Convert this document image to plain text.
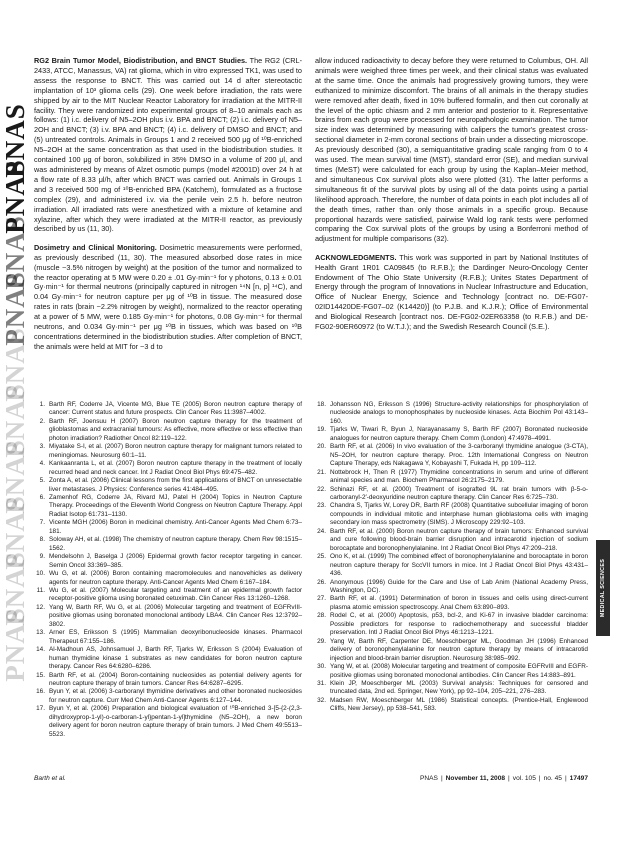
PNAS
PNAS
PNAS
PNAS
PNAS
PNAS
PNAS
PNAS
PNAS
PNAS

RG2 Brain Tumor Model, Biodistribution, and BNCT Studies. The RG2 (CRL-2433, ATCC, Manassus, VA) rat glioma, which in vitro expressed TK1, was used to assess the response to BNCT. This was carried out 14 d after stereotactic implantation of 10³ glioma cells (29). One week before irradiation, the rats were shipped by air to the MIT Nuclear Reactor Laboratory for irradiation at the MITR-II facility. They were randomized into experimental groups of 8–10 animals each as follows: (1) i.c. delivery of N5–2OH plus i.v. BPA and BNCT; (2) i.c. delivery of N5–2OH and BNCT; (3) i.v. BPA and BNCT; (4) i.c. delivery of DMSO and BNCT; and (5) untreated controls. Animals in Groups 1 and 2 received 500 μg of ¹⁰B-enriched N5–2OH at the same concentration as that used in the biodistribution studies. It contained 100 μg of boron, solubilized in 35% DMSO in a volume of 200 μl, and was administered by means of Alzet osmotic pumps (model #2001D) over 24 h at a flow rate of 8.33 μl/h, after which BNCT was carried out. Animals in Groups 1 and 3 received 500 mg of ¹⁰B-enriched BPA (Katchem), formulated as a fructose complex (29), and administered i.v. via the penile vein 2.5 h. before neutron irradiation. All irradiated rats were anesthetized with a mixture of ketamine and xylazine, after which they were irradiated at the MITR-II reactor, as previously described by us (11, 30).

Dosimetry and Clinical Monitoring. Dosimetric measurements were performed, as previously described (11, 30). The measured absorbed dose rates in mice (muscle ~3.5% nitrogen by weight) at the position of the tumor and normalized to the reactor operating at 5 MW were 0.20 ± .01 Gy·min⁻¹ for γ photons, 0.13 ± 0.01 Gy·min⁻¹ for thermal neutrons (principally captured in nitrogen ¹⁴N [n, p] ¹⁴C), and 0.04 Gy·min⁻¹ for neutron capture per μg of ¹⁰B in tissue. The measured dose rates in rats (brain ~2.2% nitrogen by weight), normalized to the reactor operating at a power of 5 MW, were 0.185 Gy·min⁻¹ for photons, 0.08 Gy·min⁻¹ for thermal neutrons, and 0.034 Gy·min⁻¹ per μg ¹⁰B in tissues, which was based on ¹⁰B concentrations determined in the biodistribution studies. After completion of BNCT, the animals were held at MIT for ~3 d to

allow induced radioactivity to decay before they were returned to Columbus, OH. All animals were weighed three times per week, and their clinical status was evaluated at the same time. Once the animals had progressively growing tumors, they were euthanized to minimize discomfort. The brains of all animals in the therapy studies were removed after death, fixed in 10% buffered formalin, and then cut coronally at the level of the optic chiasm and 2 mm anterior and posterior to it. Representative brains from each group were processed for neuropathologic examination. The tumor size index was determined by measuring with calipers the tumor's greatest cross-sectional diameter in 2-mm coronal sections of brain under a dissecting microscope. As previously described (30), a semiquantitative grading scale ranging from 0 to 4 was used. The mean survival time (MST), standard error (SE), and median survival times (MeST) were calculated for each group by using the Kaplan–Meier method, and simultaneous Cox survival plots also were plotted (31). The latter performs a simultaneous fit of the survival plots by using all of the data points using a partial likelihood approach. Therefore, the number of data points in each plot includes all of the death times, rather than only those animals in a specific group. Because proportional hazards were satisfied, pairwise Wald log rank tests were performed comparing the Cox survival plots of the groups by using a Bonferroni method of adjustment for multiple comparisons (32).

ACKNOWLEDGMENTS. This work was supported in part by National Institutes of Health Grant 1R01 CA09845 (to R.F.B.); the Dardinger Neuro-Oncology Center Endowment of The Ohio State University (R.F.B.); Unites States Department of Energy through the program of Innovations in Nuclear Infrastructure and Education, Office of Nuclear Energy, Science and Technology [contract no. DE-FG07-02ID14420DE-FG07–02 (K14420)] (to P.J.B. and K.J.R.); Office of Environmental and Biological Research [contract nos. DE-FG02-02ER63358 (to R.F.B.) and DE-FG02-90ER60972 (to W.T.J.); and the Swedish Research Council (S.E.).

1. Barth RF, Coderre JA, Vicente MG, Blue TE (2005) Boron neutron capture therapy of cancer: Current status and future prospects. Clin Cancer Res 11:3987–4002.
2. Barth RF, Joensuu H (2007) Boron neutron capture therapy for the treatment of glioblastomas and extracranial tumours: As effective, more effective or less effective than photon irradiation? Radiother Oncol 82:119–122.
3. Miyatake S-I, et al. (2007) Boron neutron capture therapy for malignant tumors related to meningiomas. Neurosurg 60:1–11.
4. Kankaanranta L, et al. (2007) Boron neutron capture therapy in the treatment of locally recurred head and neck cancer. Int J Radiat Oncol Biol Phys 69:475–482.
5. Zonta A, et al. (2006) Clinical lessons from the first applications of BNCT on unresectable liver metastases. J Physics: Conference series 41:484–495.
6. Zamenhof RG, Coderre JA, Rivard MJ, Patel H (2004) Topics in Neutron Capture Therapy. Proceedings of the Eleventh World Congress on Neutron Capture Therapy. Appl Radiat Isotop 61:731–1130.
7. Vicente MGH (2006) Boron in medicinal chemistry. Anti-Cancer Agents Med Chem 6:73–181.
8. Soloway AH, et al. (1998) The chemistry of neutron capture therapy. Chem Rev 98:1515–1562.
9. Mendelsohn J, Baselga J (2006) Epidermal growth factor receptor targeting in cancer. Semin Oncol 33:369–385.
10. Wu G, et al. (2006) Boron containing macromolecules and nanovehicles as delivery agents for neutron capture therapy. Anti-Cancer Agents Med Chem 6:167–184.
11. Wu G, et al. (2007) Molecular targeting and treatment of an epidermal growth factor receptor-positive glioma using boronated cetuximab. Clin Cancer Res 13:1260–1268.
12. Yang W, Barth RF, Wu G, et al. (2006) Molecular targeting and treatment of EGFRvIII-positive gliomas using boronated monoclonal antibody LBA4. Clin Cancer Res 12:3792–3802.
13. Arner ES, Eriksson S (1995) Mammalian deoxyribonucleoside kinases. Pharmacol Therapeut 67:155–186.
14. Al-Madhoun AS, Johnsamuel J, Barth RF, Tjarks W, Eriksson S (2004) Evaluation of human thymidine kinase 1 substrates as new candidates for boron neutron capture therapy. Cancer Res 64:6280–6286.
15. Barth RF, et al. (2004) Boron-containing nucleosides as potential delivery agents for neutron capture therapy of brain tumors. Cancer Res 64:6287–6295.
16. Byun Y, et al. (2006) 3-carboranyl thymidine derivatives and other boronated nucleosides for neutron capture. Curr Med Chem Anti-Cancer Agents 6:127–144.
17. Byun Y, et al. (2006) Preparation and biological evaluation of ¹⁰B-enriched 3-[5-{2-(2,3-dihydroxyprop-1-yl)-o-carboran-1-yl}pentan-1-yl]thymidine (N5–2OH), a new boron delivery agent for boron neutron capture therapy of brain tumors. J Med Chem 49:5513–5523.
18. Johansson NG, Eriksson S (1996) Structure-activity relationships for phosphorylation of nucleoside analogs to monophosphates by nucleoside kinases. Acta Biochim Pol 43:143–160.
19. Tjarks W, Tiwari R, Byun J, Narayanasamy S, Barth RF (2007) Boronated nucleoside analogues for neutron capture therapy. Chem Comm (London) 47:4978–4991.
20. Barth RF, et al. (2006) In vivo evaluation of the 3-carboranyl thymidine analogue (3-CTA), N5–2OH, for neutron capture therapy. Proc. 12th International Congress on Neutron Capture Therapy, eds Nakagawa Y, Kobayashi T, Fukada H, pp 109–112.
21. Nottebrock H, Then R (1977) Thymidine concentrations in serum and urine of different animal species and man. Biochem Pharmacol 26:2175–2179.
22. Schinazi RF, et al. (2000) Treatment of isografted 9L rat brain tumors with β-5-o-carboranyl-2′-deoxyuridine neutron capture therapy. Clin Cancer Res 6:725–730.
23. Chandra S, Tjarks W, Lorey DR, Barth RF (2008) Quantitative subcellular imaging of boron compounds in individual mitotic and interphase human glioblastoma cells with imaging secondary ion mass spectrometry (SIMS). J Microscopy 229:92–103.
24. Barth RF, et al. (2000) Boron neutron capture therapy of brain tumors: Enhanced survival and cure following blood-brain barrier disruption and intracarotid injection of sodium borocaptate and boronophenylalanine. Int J Radiat Oncol Biol Phys 47:209–218.
25. Ono K, et al. (1999) The combined effect of boronophenylalanine and borocaptate in boron neutron capture therapy for SccVII tumors in mice. Int J Radiat Oncol Biol Phys 43:431–436.
26. Anonymous (1996) Guide for the Care and Use of Lab Anim (National Academy Press, Washington, DC).
27. Barth RF, et al. (1991) Determination of boron in tissues and cells using direct-current plasma atomic emission spectroscopy. Anal Chem 63:890–893.
28. Rodel C, et al. (2000) Apoptosis, p53, bcl-2, and Ki-67 in invasive bladder carcinoma: Possible predictors for response to radiochemotherapy and successful bladder preservation. Intl J Radiat Oncol Biol Phys 46:1213–1221.
29. Yang W, Barth RF, Carpenter DE, Moeschberger ML, Goodman JH (1996) Enhanced delivery of boronophenylalanine for neutron capture therapy by means of intracarotid injection and blood-brain barrier disruption. Neurosurg 38:985–992.
30. Yang W, et al. (2008) Molecular targeting and treatment of composite EGFRvIII and EGFR-positive gliomas using boronated monoclonal antibodies. Clin Cancer Res 14:883–891.
31. Klein JP, Moeschberger ML (2003) Survival analysis: Techniques for censored and truncated data, 2nd ed. Springer, New York), pp 92–104, 205–221, 276–283.
32. Madsen RW, Moeschberger ML (1986) Statistical concepts. (Prentice-Hall, Englewood Cliffs, New Jersey), pp 538–541, 583.
MEDICAL SCIENCES
Barth et al.	PNAS | November 11, 2008 | vol. 105 | no. 45 | 17497
